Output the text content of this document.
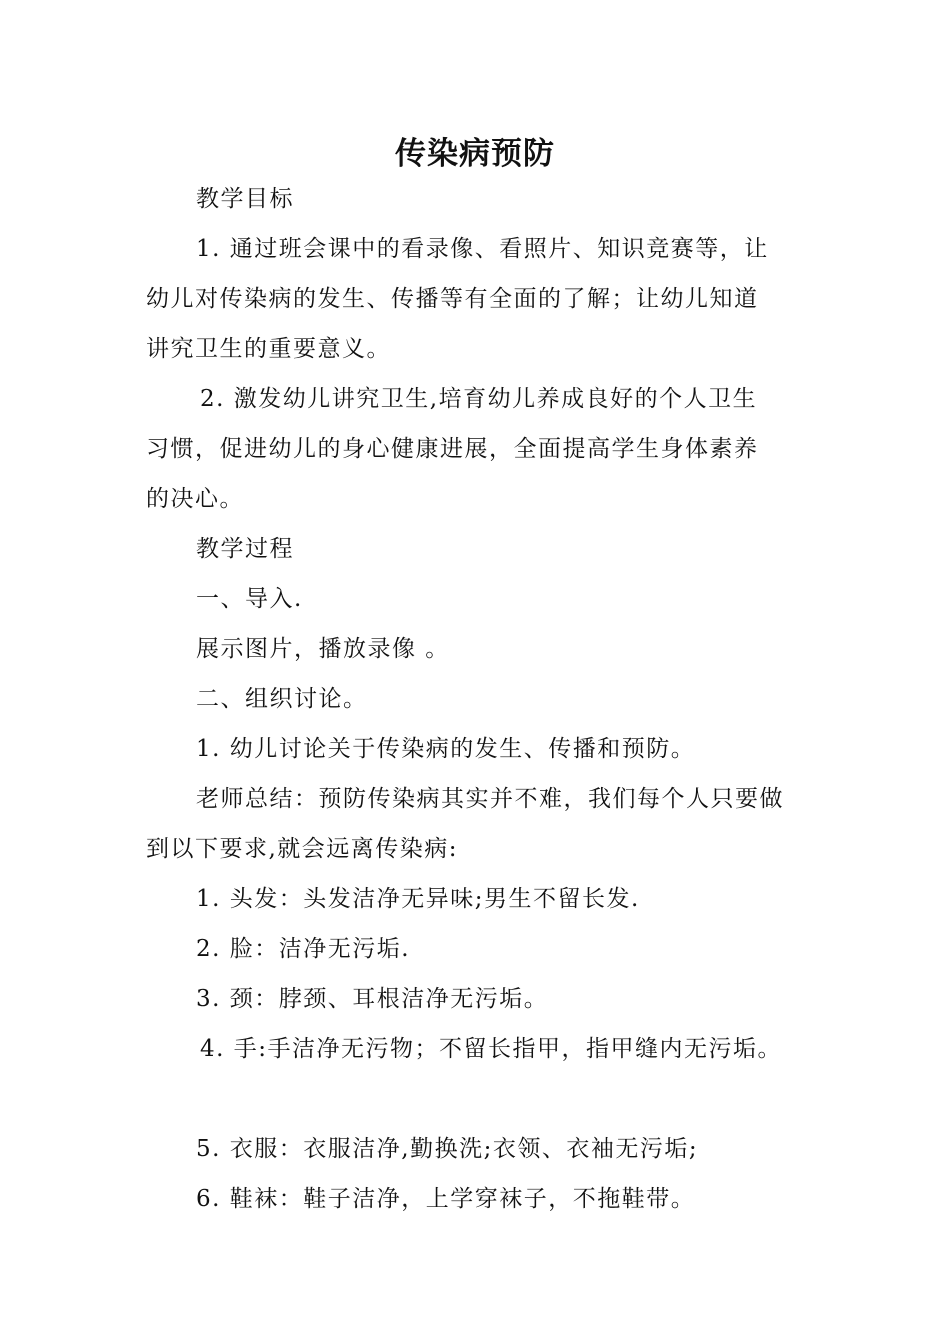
传染病预防
教学目标
1. 通过班会课中的看录像、看照片、知识竞赛等，让
幼儿对传染病的发生、传播等有全面的了解；让幼儿知道
讲究卫生的重要意义。
2. 激发幼儿讲究卫生,培育幼儿养成良好的个人卫生
习惯，促进幼儿的身心健康进展，全面提高学生身体素养
的决心。
教学过程
一、导入.
展示图片，播放录像 。
二、组织讨论。
1. 幼儿讨论关于传染病的发生、传播和预防。
老师总结：预防传染病其实并不难，我们每个人只要做
到以下要求,就会远离传染病:
1. 头发：头发洁净无异味;男生不留长发.
2. 脸：洁净无污垢.
3. 颈：脖颈、耳根洁净无污垢。
4. 手:手洁净无污物；不留长指甲，指甲缝内无污垢。
5. 衣服：衣服洁净,勤换洗;衣领、衣袖无污垢;
6. 鞋袜：鞋子洁净，上学穿袜子，不拖鞋带。
